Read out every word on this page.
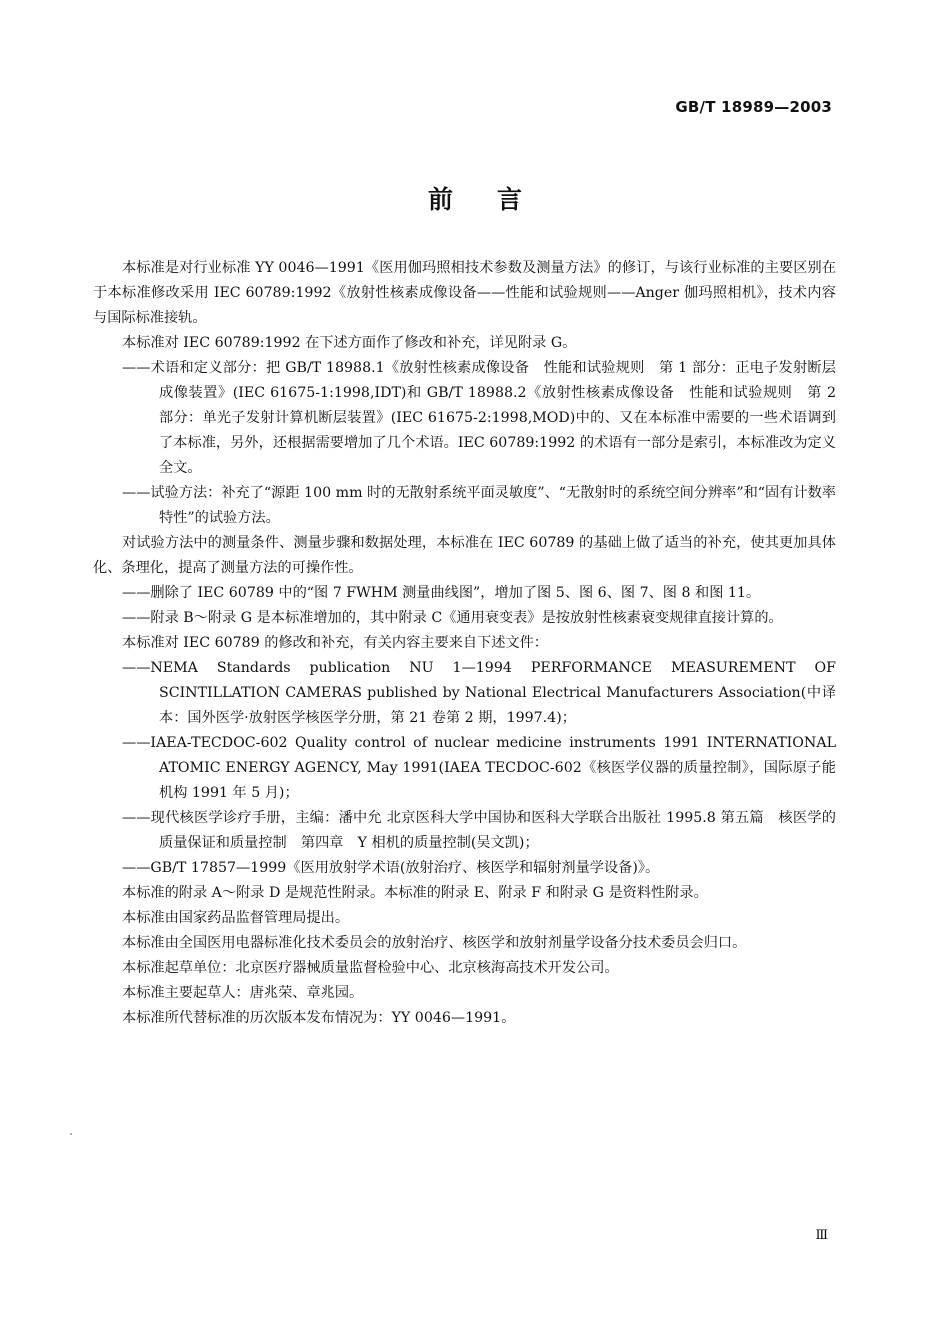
GB/T 18989—2003
前言

本标准是对行业标准 YY 0046—1991《医用伽玛照相技术参数及测量方法》的修订，与该行业标准的主要区别在于本标准修改采用 IEC 60789:1992《放射性核素成像设备——性能和试验规则——Anger 伽玛照相机》，技术内容与国际标准接轨。

本标准对 IEC 60789:1992 在下述方面作了修改和补充，详见附录 G。

——术语和定义部分：把 GB/T 18988.1《放射性核素成像设备　性能和试验规则　第 1 部分：正电子发射断层成像装置》(IEC 61675-1:1998,IDT)和 GB/T 18988.2《放射性核素成像设备　性能和试验规则　第 2 部分：单光子发射计算机断层装置》(IEC 61675-2:1998,MOD)中的、又在本标准中需要的一些术语调到了本标准，另外，还根据需要增加了几个术语。IEC 60789:1992 的术语有一部分是索引，本标准改为定义全文。

——试验方法：补充了“源距 100 mm 时的无散射系统平面灵敏度”、“无散射时的系统空间分辨率”和“固有计数率特性”的试验方法。

对试验方法中的测量条件、测量步骤和数据处理，本标准在 IEC 60789 的基础上做了适当的补充，使其更加具体化、条理化，提高了测量方法的可操作性。

——删除了 IEC 60789 中的“图 7 FWHM 测量曲线图”，增加了图 5、图 6、图 7、图 8 和图 11。

——附录 B～附录 G 是本标准增加的，其中附录 C《通用衰变表》是按放射性核素衰变规律直接计算的。

本标准对 IEC 60789 的修改和补充，有关内容主要来自下述文件：

——NEMA Standards publication NU 1—1994 PERFORMANCE MEASUREMENT OF SCINTILLATION CAMERAS published by National Electrical Manufacturers Association(中译本：国外医学·放射医学核医学分册，第 21 卷第 2 期，1997.4)；

——IAEA-TECDOC-602 Quality control of nuclear medicine instruments 1991 INTERNATIONAL ATOMIC ENERGY AGENCY, May 1991(IAEA TECDOC-602《核医学仪器的质量控制》，国际原子能机构 1991 年 5 月)；

——现代核医学诊疗手册，主编：潘中允 北京医科大学中国协和医科大学联合出版社 1995.8 第五篇　核医学的质量保证和质量控制　第四章　Y 相机的质量控制(吴文凯)；

——GB/T 17857—1999《医用放射学术语(放射治疗、核医学和辐射剂量学设备)》。

本标准的附录 A～附录 D 是规范性附录。本标准的附录 E、附录 F 和附录 G 是资料性附录。

本标准由国家药品监督管理局提出。

本标准由全国医用电器标准化技术委员会的放射治疗、核医学和放射剂量学设备分技术委员会归口。

本标准起草单位：北京医疗器械质量监督检验中心、北京核海高技术开发公司。

本标准主要起草人：唐兆荣、章兆园。

本标准所代替标准的历次版本发布情况为：YY 0046—1991。

Ⅲ
